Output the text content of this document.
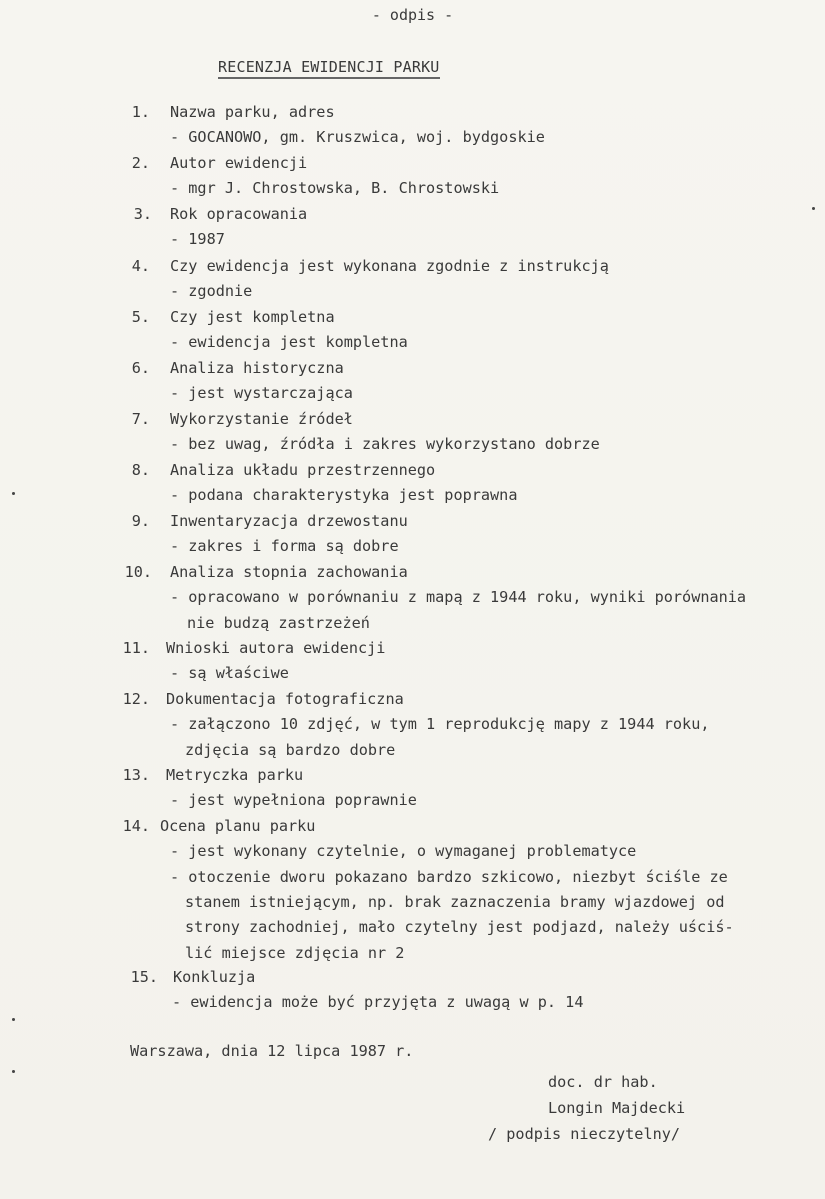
- odpis -
RECENZJA EWIDENCJI PARKU
1. Nazwa parku, adres
- GOCANOWO, gm. Kruszwica, woj. bydgoskie
2. Autor ewidencji
- mgr J. Chrostowska, B. Chrostowski
3. Rok opracowania
- 1987
4. Czy ewidencja jest wykonana zgodnie z instrukcją
- zgodnie
5. Czy jest kompletna
- ewidencja jest kompletna
6. Analiza historyczna
- jest wystarczająca
7. Wykorzystanie źródeł
- bez uwag, źródła i zakres wykorzystano dobrze
8. Analiza układu przestrzennego
- podana charakterystyka jest poprawna
9. Inwentaryzacja drzewostanu
- zakres i forma są dobre
10. Analiza stopnia zachowania
- opracowano w porównaniu z mapą z 1944 roku, wyniki porównania
nie budzą zastrzeżeń
11. Wnioski autora ewidencji
- są właściwe
12. Dokumentacja fotograficzna
- załączono 10 zdjęć, w tym 1 reprodukcję mapy z 1944 roku,
zdjęcia są bardzo dobre
13. Metryczka parku
- jest wypełniona poprawnie
14. Ocena planu parku
- jest wykonany czytelnie, o wymaganej problematyce
- otoczenie dworu pokazano bardzo szkicowo, niezbyt ściśle ze
stanem istniejącym, np. brak zaznaczenia bramy wjazdowej od
strony zachodniej, mało czytelny jest podjazd, należy uściś-
lić miejsce zdjęcia nr 2
15. Konkluzja
- ewidencja może być przyjęta z uwagą w p. 14
Warszawa, dnia 12 lipca 1987 r.
doc. dr hab.
Longin Majdecki
/ podpis nieczytelny/
